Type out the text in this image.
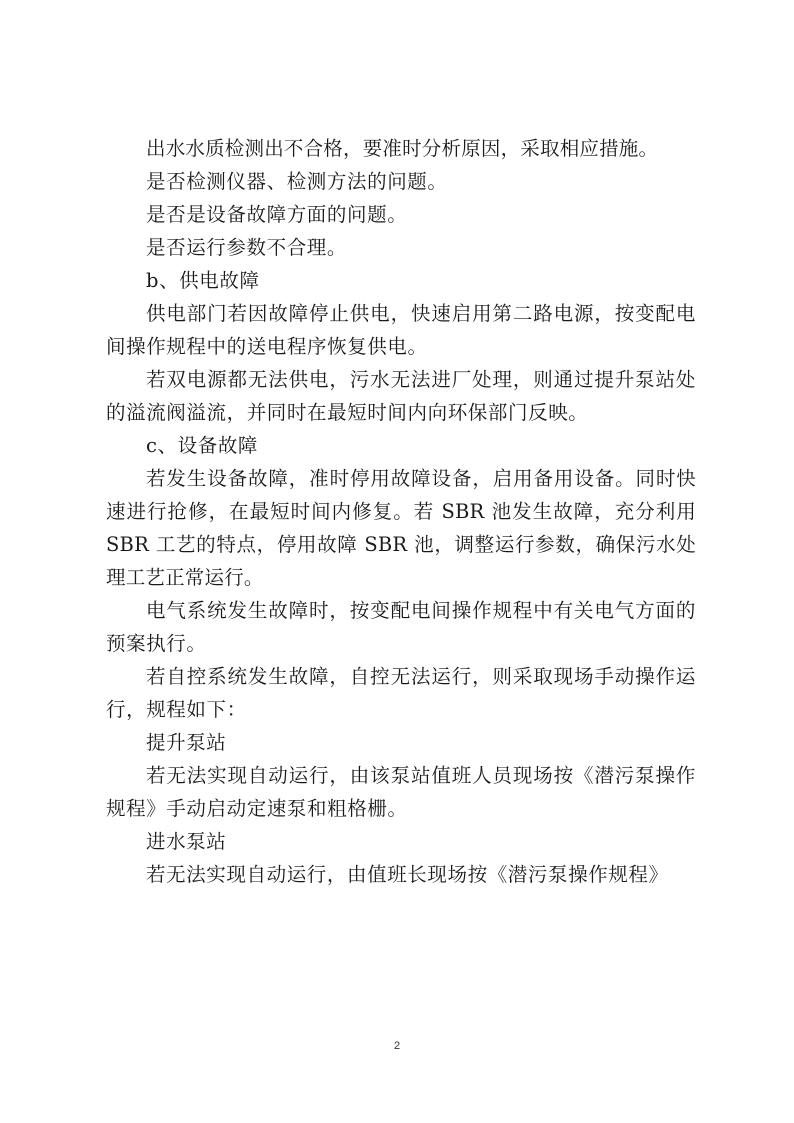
出水水质检测出不合格，要准时分析原因，采取相应措施。

是否检测仪器、检测方法的问题。

是否是设备故障方面的问题。

是否运行参数不合理。

b、供电故障

供电部门若因故障停止供电，快速启用第二路电源，按变配电间操作规程中的送电程序恢复供电。

若双电源都无法供电，污水无法进厂处理，则通过提升泵站处的溢流阀溢流，并同时在最短时间内向环保部门反映。

c、设备故障

若发生设备故障，准时停用故障设备，启用备用设备。同时快速进行抢修，在最短时间内修复。若 SBR 池发生故障，充分利用 SBR 工艺的特点，停用故障 SBR 池，调整运行参数，确保污水处理工艺正常运行。

电气系统发生故障时，按变配电间操作规程中有关电气方面的预案执行。

若自控系统发生故障，自控无法运行，则采取现场手动操作运行，规程如下：

提升泵站

若无法实现自动运行，由该泵站值班人员现场按《潜污泵操作规程》手动启动定速泵和粗格栅。

进水泵站

若无法实现自动运行，由值班长现场按《潜污泵操作规程》

2
